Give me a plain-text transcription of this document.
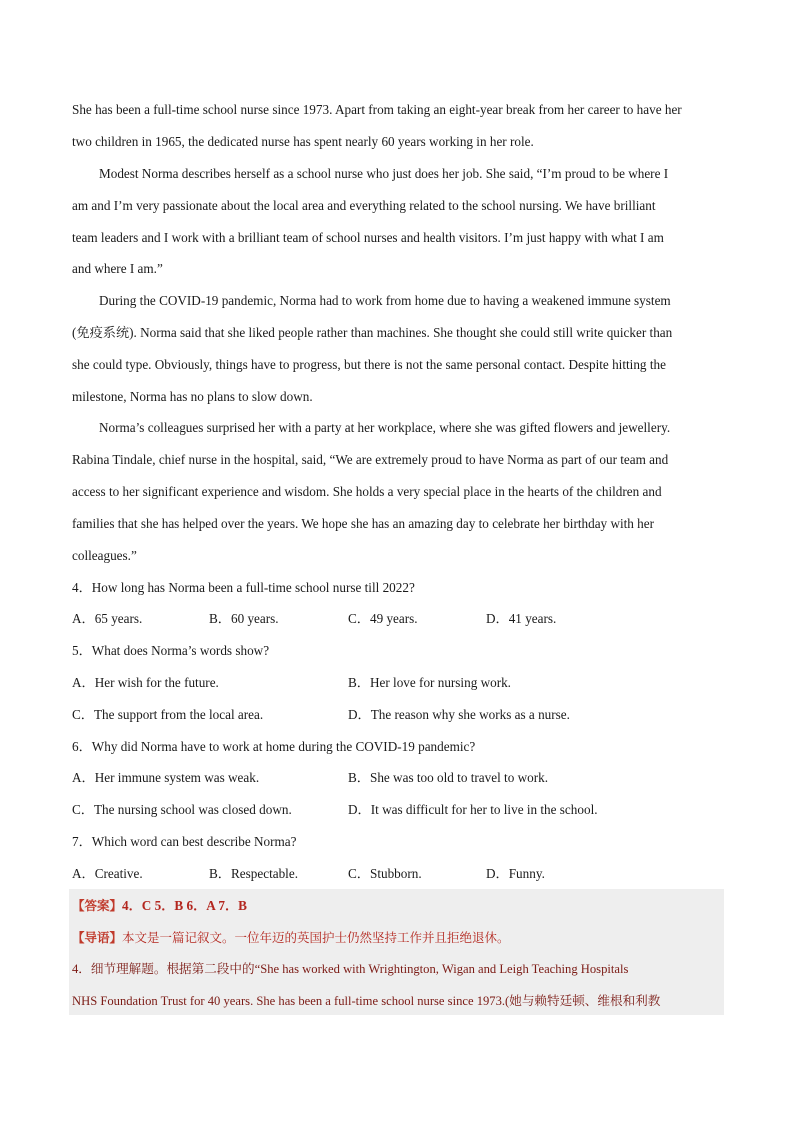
She has been a full-time school nurse since 1973. Apart from taking an eight-year break from her career to have her
two children in 1965, the dedicated nurse has spent nearly 60 years working in her role.
Modest Norma describes herself as a school nurse who just does her job. She said, “I’m proud to be where I
am and I’m very passionate about the local area and everything related to the school nursing. We have brilliant
team leaders and I work with a brilliant team of school nurses and health visitors. I’m just happy with what I am
and where I am.”
During the COVID-19 pandemic, Norma had to work from home due to having a weakened immune system
(免疫系统). Norma said that she liked people rather than machines. She thought she could still write quicker than
she could type. Obviously, things have to progress, but there is not the same personal contact. Despite hitting the
milestone, Norma has no plans to slow down.
Norma’s colleagues surprised her with a party at her workplace, where she was gifted flowers and jewellery.
Rabina Tindale, chief nurse in the hospital, said, “We are extremely proud to have Norma as part of our team and
access to her significant experience and wisdom. She holds a very special place in the hearts of the children and
families that she has helped over the years. We hope she has an amazing day to celebrate her birthday with her
colleagues.”
4．How long has Norma been a full-time school nurse till 2022?
A．65 years.	B．60 years.	C．49 years.	D．41 years.
5．What does Norma’s words show?
A．Her wish for the future.	B．Her love for nursing work.
C．The support from the local area.	D．The reason why she works as a nurse.
6．Why did Norma have to work at home during the COVID-19 pandemic?
A．Her immune system was weak.	B．She was too old to travel to work.
C．The nursing school was closed down.	D．It was difficult for her to live in the school.
7．Which word can best describe Norma?
A．Creative.	B．Respectable.	C．Stubborn.	D．Funny.
【答案】4．C 5．B 6．A 7．B
【导语】本文是一篇记叙文。一位年迈的英国护士仍然坚持工作并且拒绝退休。
4．细节理解题。根据第二段中的“She has worked with Wrightington, Wigan and Leigh Teaching Hospitals
NHS Foundation Trust for 40 years. She has been a full-time school nurse since 1973.(她与赖特廷顿、维根和利教
